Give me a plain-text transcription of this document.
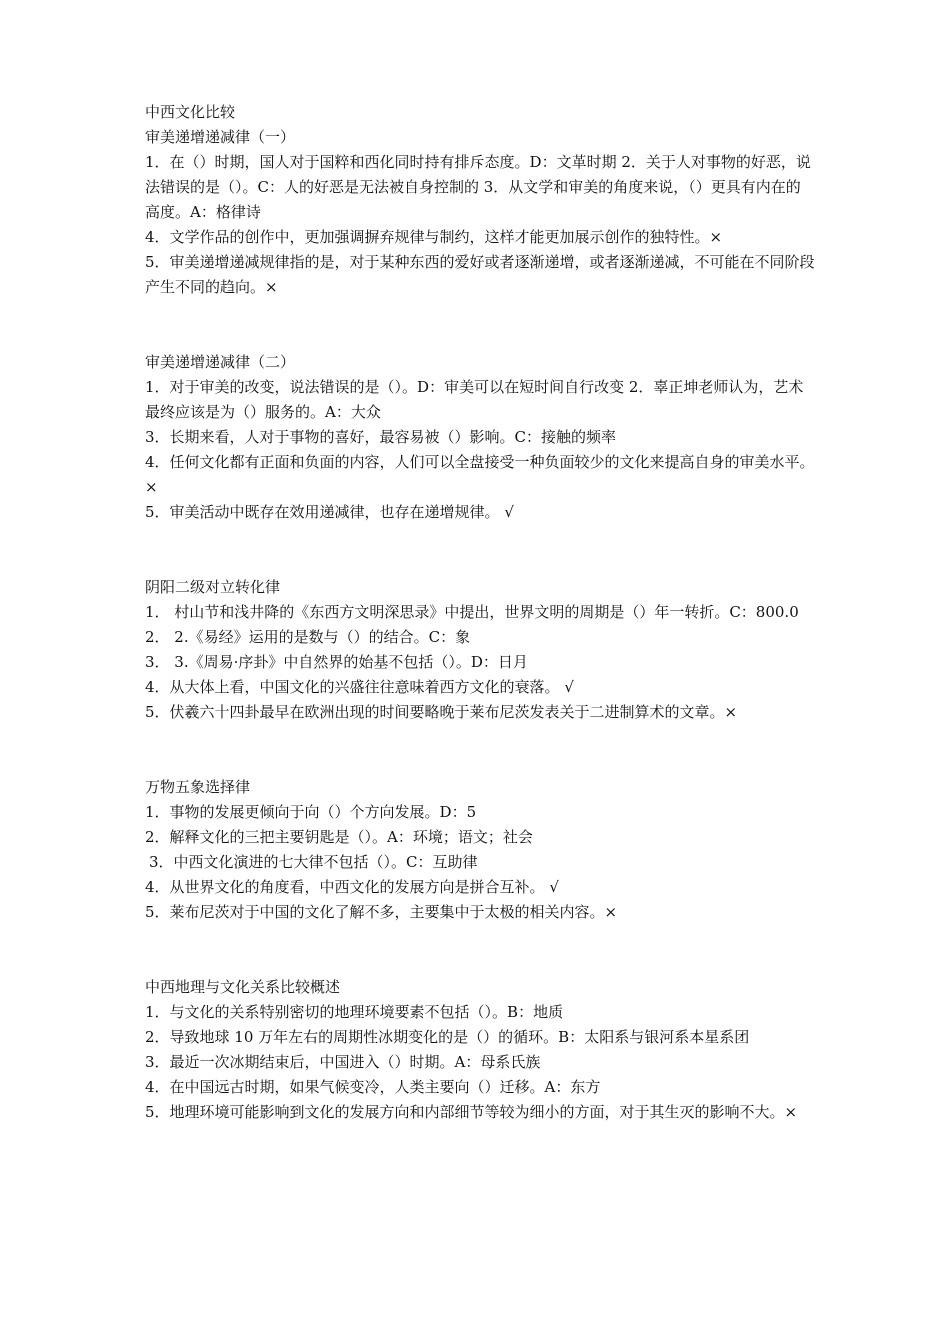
中西文化比较

审美递增递减律（一）

1．在（）时期，国人对于国粹和西化同时持有排斥态度。D：文革时期 2．关于人对事物的好恶，说法错误的是（）。C：人的好恶是无法被自身控制的 3．从文学和审美的角度来说，（）更具有内在的高度。A：格律诗

4．文学作品的创作中，更加强调摒弃规律与制约，这样才能更加展示创作的独特性。×

5．审美递增递减规律指的是，对于某种东西的爱好或者逐渐递增，或者逐渐递减，不可能在不同阶段产生不同的趋向。×

审美递增递减律（二）

1．对于审美的改变，说法错误的是（）。D：审美可以在短时间自行改变 2．辜正坤老师认为，艺术最终应该是为（）服务的。A：大众

3．长期来看，人对于事物的喜好，最容易被（）影响。C：接触的频率

4．任何文化都有正面和负面的内容，人们可以全盘接受一种负面较少的文化来提高自身的审美水平。×

5．审美活动中既存在效用递减律，也存在递增规律。 √

阴阳二级对立转化律

1． 村山节和浅井降的《东西方文明深思录》中提出，世界文明的周期是（）年一转折。C：800.0

2． 2.《易经》运用的是数与（）的结合。C：象

3． 3.《周易·序卦》中自然界的始基不包括（）。D：日月

4．从大体上看，中国文化的兴盛往往意味着西方文化的衰落。 √

5．伏羲六十四卦最早在欧洲出现的时间要略晚于莱布尼茨发表关于二进制算术的文章。×

万物五象选择律

1．事物的发展更倾向于向（）个方向发展。D：5

2．解释文化的三把主要钥匙是（）。A：环境；语文；社会

3．中西文化演进的七大律不包括（）。C：互助律

4．从世界文化的角度看，中西文化的发展方向是拼合互补。 √

5．莱布尼茨对于中国的文化了解不多，主要集中于太极的相关内容。×

中西地理与文化关系比较概述

1．与文化的关系特别密切的地理环境要素不包括（）。B：地质

2．导致地球 10 万年左右的周期性冰期变化的是（）的循环。B：太阳系与银河系本星系团

3．最近一次冰期结束后，中国进入（）时期。A：母系氏族

4．在中国远古时期，如果气候变冷，人类主要向（）迁移。A：东方

5．地理环境可能影响到文化的发展方向和内部细节等较为细小的方面，对于其生灭的影响不大。×
